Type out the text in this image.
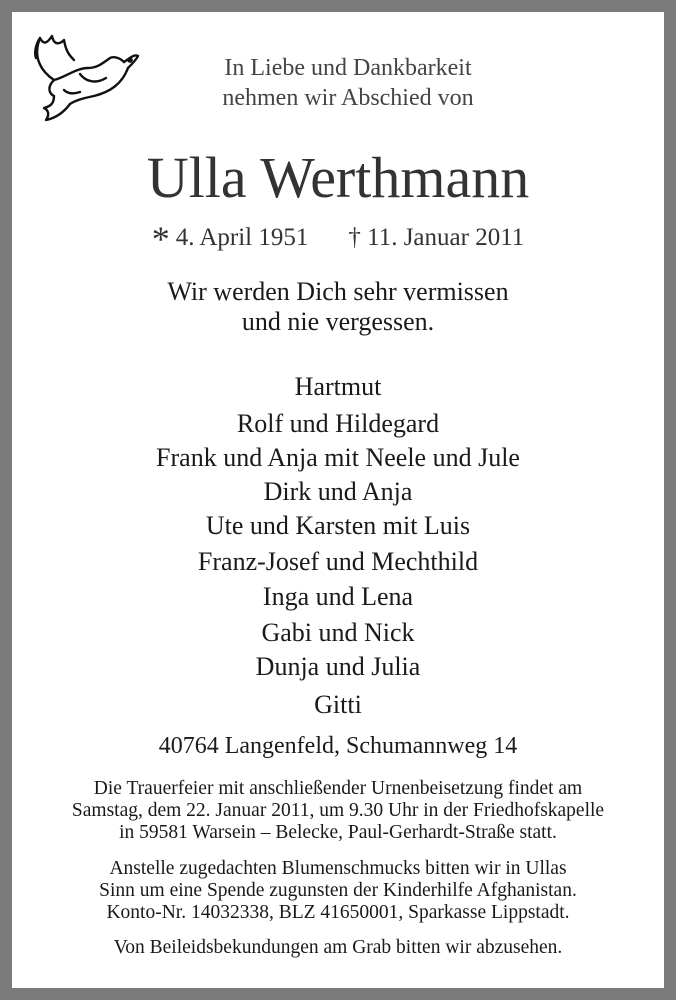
In Liebe und Dankbarkeit
nehmen wir Abschied von
Ulla Werthmann
* 4. April 1951 † 11. Januar 2011
Wir werden Dich sehr vermissen
und nie vergessen.
Hartmut
Rolf und Hildegard
Frank und Anja mit Neele und Jule
Dirk und Anja
Ute und Karsten mit Luis
Franz-Josef und Mechthild
Inga und Lena
Gabi und Nick
Dunja und Julia
Gitti
40764 Langenfeld, Schumannweg 14
Die Trauerfeier mit anschließender Urnenbeisetzung findet am
Samstag, dem 22. Januar 2011, um 9.30 Uhr in der Friedhofskapelle
in 59581 Warsein – Belecke, Paul-Gerhardt-Straße statt.
Anstelle zugedachten Blumenschmucks bitten wir in Ullas
Sinn um eine Spende zugunsten der Kinderhilfe Afghanistan.
Konto-Nr. 14032338, BLZ 41650001, Sparkasse Lippstadt.
Von Beileidsbekundungen am Grab bitten wir abzusehen.
